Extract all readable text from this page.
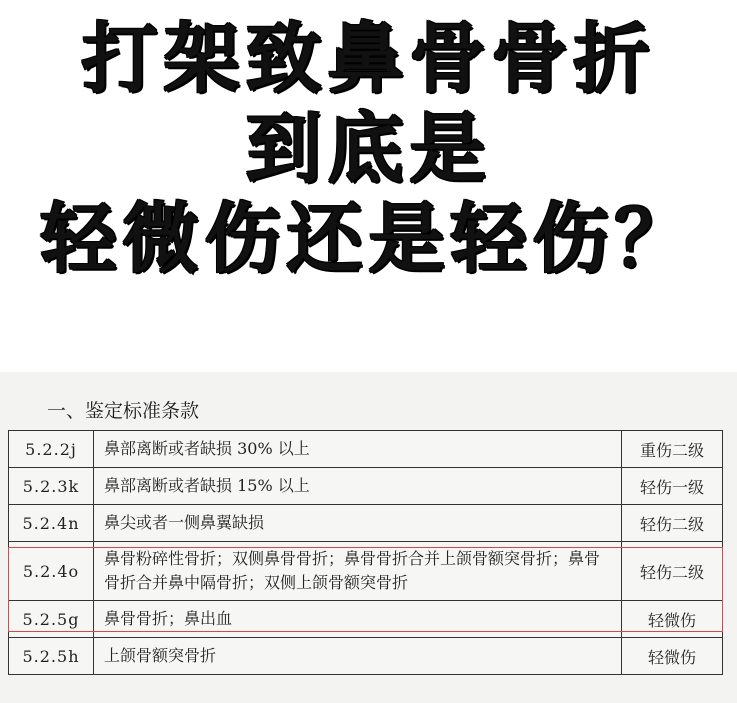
打架致鼻骨骨折
到底是
轻微伤还是轻伤？
一、鉴定标准条款
5.2.2j	鼻部离断或者缺损 30% 以上	重伤二级
5.2.3k	鼻部离断或者缺损 15% 以上	轻伤一级
5.2.4n	鼻尖或者一侧鼻翼缺损	轻伤二级
5.2.4o	鼻骨粉碎性骨折；双侧鼻骨骨折；鼻骨骨折合并上颌骨额突骨折；鼻骨骨折合并鼻中隔骨折；双侧上颌骨额突骨折	轻伤二级
5.2.5g	鼻骨骨折；鼻出血	轻微伤
5.2.5h	上颌骨额突骨折	轻微伤
